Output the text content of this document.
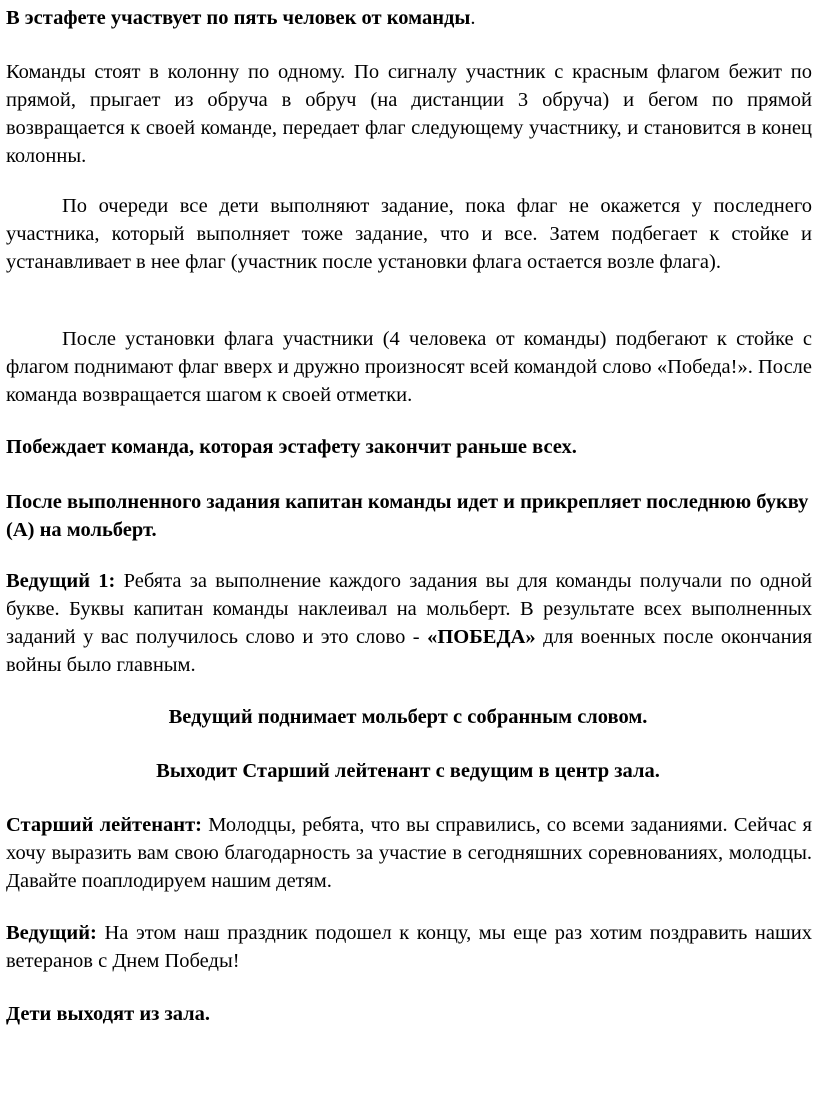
В эстафете участвует по пять человек от команды.

Команды стоят в колонну по одному. По сигналу участник с красным флагом бежит по прямой, прыгает из обруча в обруч (на дистанции 3 обруча) и бегом по прямой возвращается к своей команде, передает флаг следующему участнику, и становится в конец колонны.

По очереди все дети выполняют задание, пока флаг не окажется у последнего участника, который выполняет тоже задание, что и все. Затем подбегает к стойке и устанавливает в нее флаг (участник после установки флага остается возле флага).

После установки флага участники (4 человека от команды) подбегают к стойке с флагом поднимают флаг вверх и дружно произносят всей командой слово «Победа!». После команда возвращается шагом к своей отметки.

Побеждает команда, которая эстафету закончит раньше всех.

После выполненного задания капитан команды идет и прикрепляет последнюю букву (А) на мольберт.

Ведущий 1: Ребята за выполнение каждого задания вы для команды получали по одной букве. Буквы капитан команды наклеивал на мольберт. В результате всех выполненных заданий у вас получилось слово и это слово - «ПОБЕДА» для военных после окончания войны было главным.

Ведущий поднимает мольберт с собранным словом.

Выходит Старший лейтенант с ведущим в центр зала.

Старший лейтенант: Молодцы, ребята, что вы справились, со всеми заданиями. Сейчас я хочу выразить вам свою благодарность за участие в сегодняшних соревнованиях, молодцы. Давайте поаплодируем нашим детям.

Ведущий: На этом наш праздник подошел к концу, мы еще раз хотим поздравить наших ветеранов с Днем Победы!

Дети выходят из зала.
